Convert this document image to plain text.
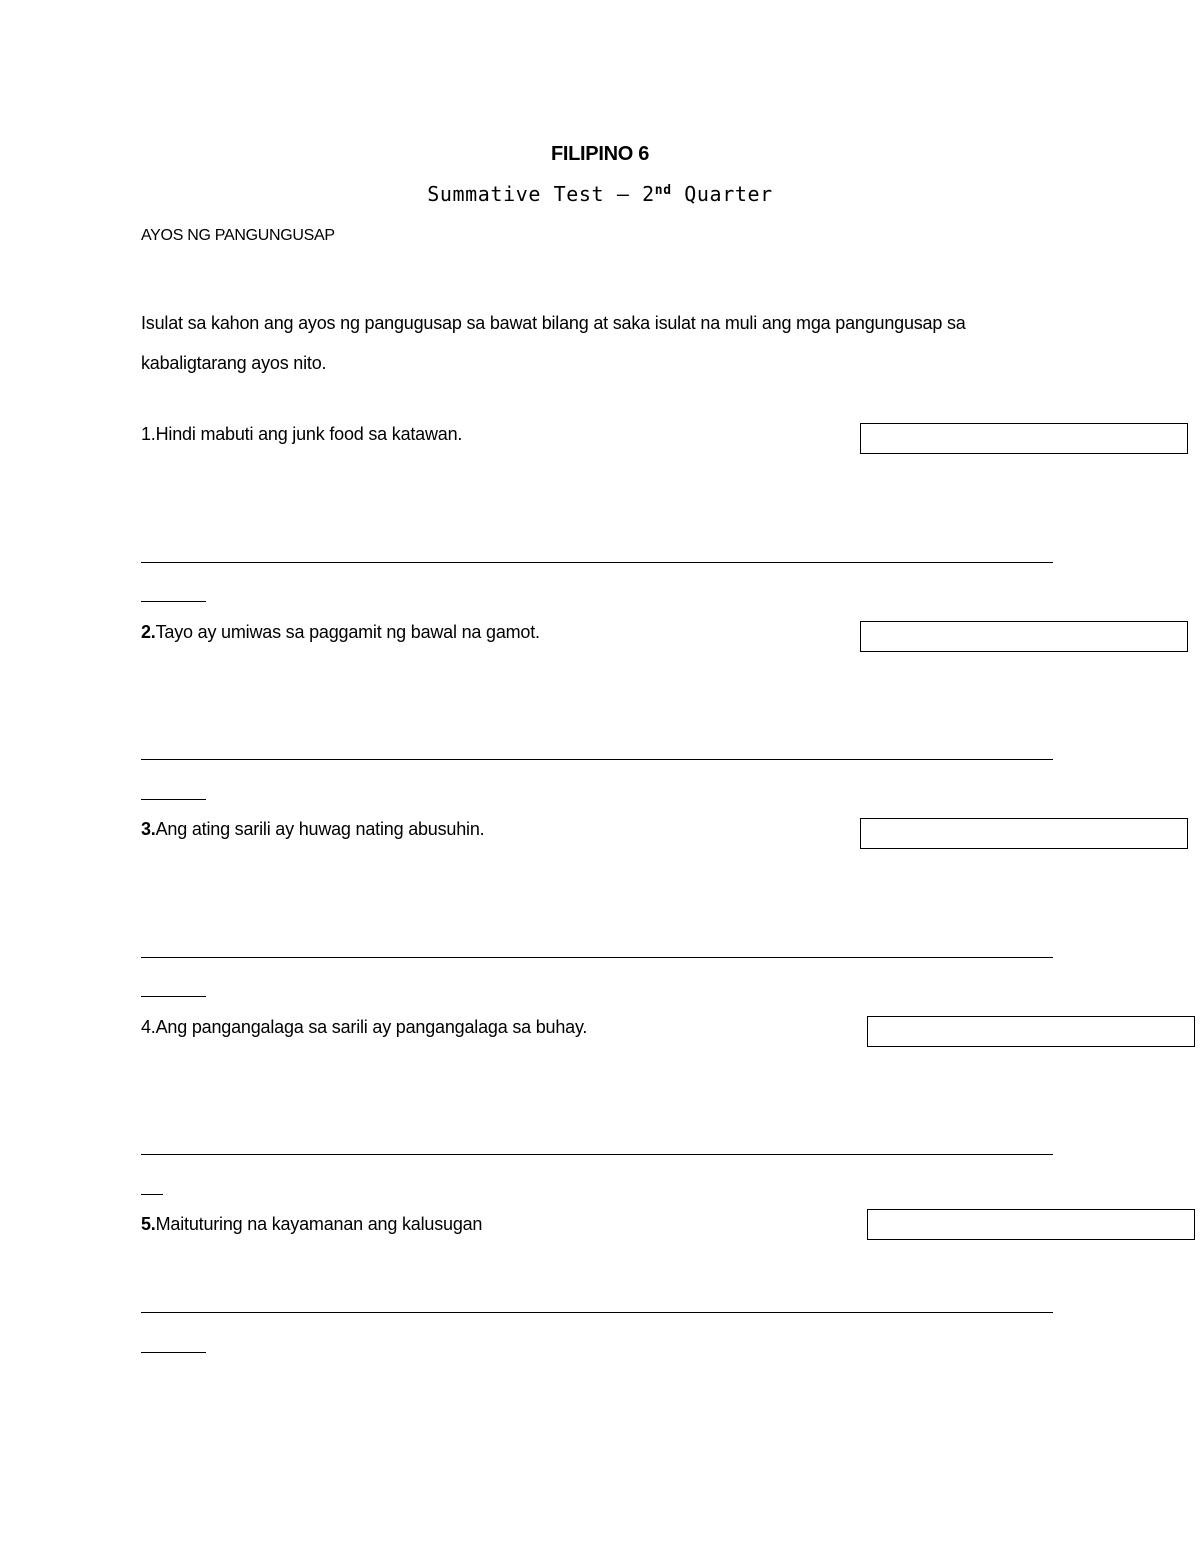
FILIPINO 6
Summative Test – 2nd Quarter
AYOS NG PANGUNGUSAP
Isulat sa kahon ang ayos ng pangugusap sa bawat bilang at saka isulat na muli ang mga pangungusap sa kabaligtarang ayos nito.
1.Hindi mabuti ang junk food sa katawan.
2.Tayo ay umiwas sa paggamit ng bawal na gamot.
3.Ang ating sarili ay huwag nating abusuhin.
4.Ang pangangalaga sa sarili ay pangangalaga sa buhay.
5.Maituturing na kayamanan ang kalusugan
